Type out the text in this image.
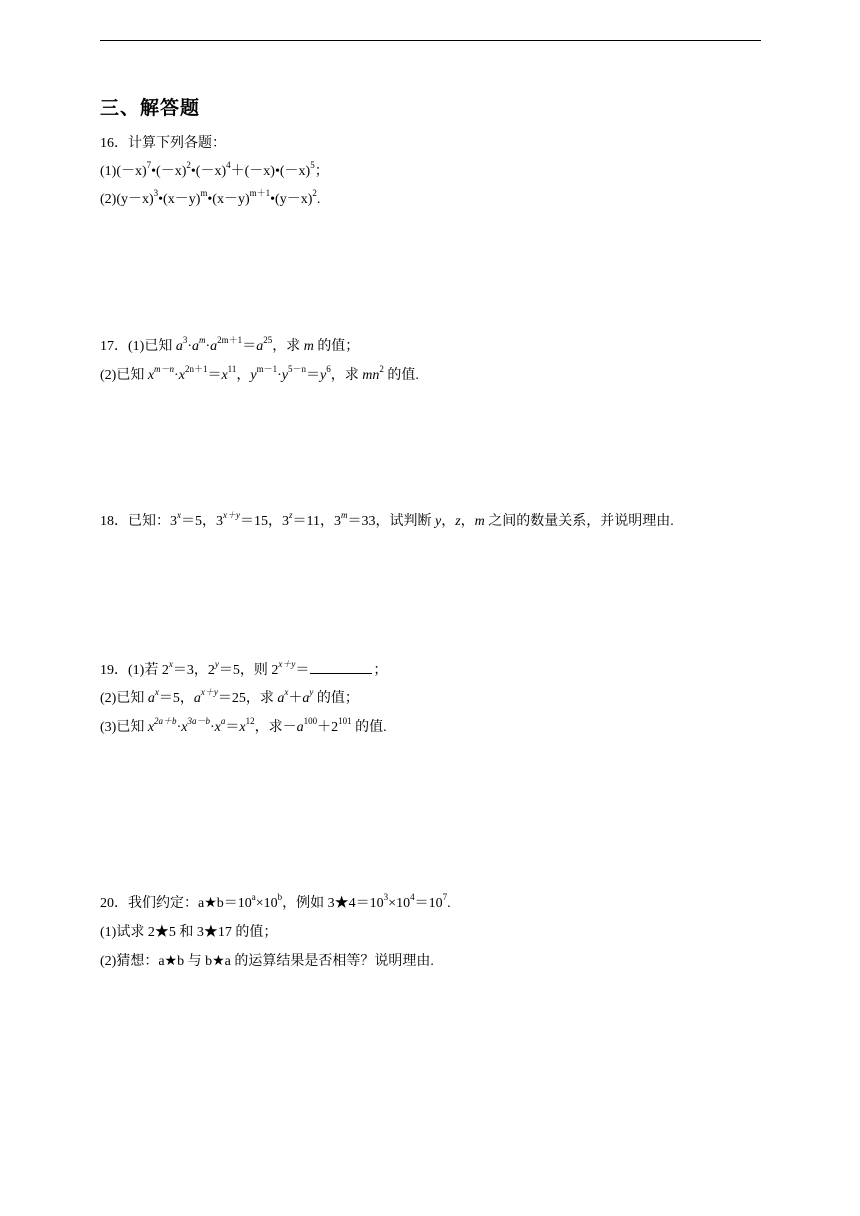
三、解答题
16．计算下列各题：
$(1)(-x)^7•(-x)^2•(-x)^4+(-x)•(-x)^5$；
$(2)(y-x)^3•(x-y)^m•(x-y)^{m+1}•(y-x)^2$.
17．(1)已知 $a^3\cdot a^m\cdot a^{2m+1}=a^{25}$，求 m 的值；
(2)已知 $x^{m-n}\cdot x^{2n+1}=x^{11}$，$y^{m-1}\cdot y^{5-n}=y^6$，求 $mn^2$ 的值.
18．已知：$3^x=5$，$3^{x+y}=15$，$3^z=11$，$3^m=33$，试判断 y，z，m 之间的数量关系，并说明理由.
19．(1)若 $2^x=3$，$2^y=5$，则 $2^{x+y}=$	；
(2)已知 $a^x=5$，$a^{x+y}=25$，求 $a^x+a^y$ 的值；
(3)已知 $x^{2a+b}\cdot x^{3a-b}\cdot x^a=x^{12}$，求$-a^{100}+2^{101}$ 的值.
20．我们约定：$a★b=10^a\times 10^b$，例如 $3★4=10^3\times 10^4=10^7$.
(1)试求 2★5 和 3★17 的值；
(2)猜想：a★b 与 b★a 的运算结果是否相等？说明理由.
